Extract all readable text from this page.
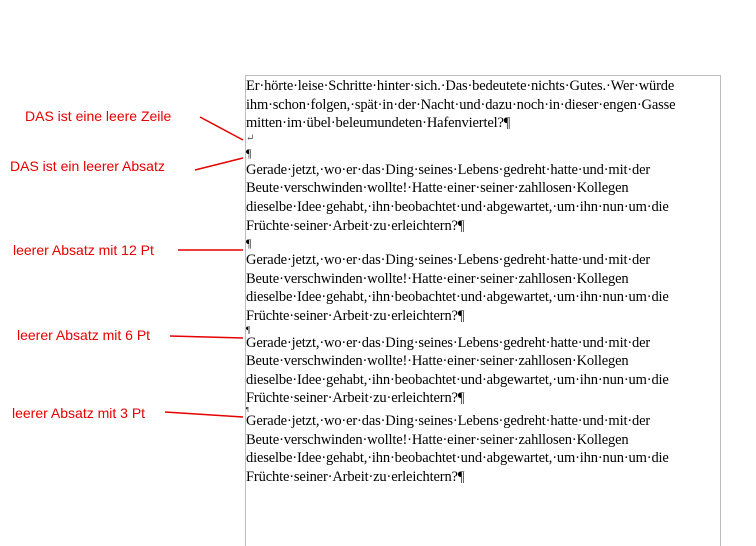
Er·hörte·leise·Schritte·hinter·sich.·Das·bedeutete·nichts·Gutes.·Wer·würde
ihm·schon·folgen,·spät·in·der·Nacht·und·dazu·noch·in·dieser·engen·Gasse
mitten·im·übel·beleumundeten·Hafenviertel?¶
↵
¶
Gerade·jetzt,·wo·er·das·Ding·seines·Lebens·gedreht·hatte·und·mit·der
Beute·verschwinden·wollte!·Hatte·einer·seiner·zahllosen·Kollegen
dieselbe·Idee·gehabt,·ihn·beobachtet·und·abgewartet,·um·ihn·nun·um·die
Früchte·seiner·Arbeit·zu·erleichtern?¶
¶
Gerade·jetzt,·wo·er·das·Ding·seines·Lebens·gedreht·hatte·und·mit·der
Beute·verschwinden·wollte!·Hatte·einer·seiner·zahllosen·Kollegen
dieselbe·Idee·gehabt,·ihn·beobachtet·und·abgewartet,·um·ihn·nun·um·die
Früchte·seiner·Arbeit·zu·erleichtern?¶
¶
Gerade·jetzt,·wo·er·das·Ding·seines·Lebens·gedreht·hatte·und·mit·der
Beute·verschwinden·wollte!·Hatte·einer·seiner·zahllosen·Kollegen
dieselbe·Idee·gehabt,·ihn·beobachtet·und·abgewartet,·um·ihn·nun·um·die
Früchte·seiner·Arbeit·zu·erleichtern?¶
¶
Gerade·jetzt,·wo·er·das·Ding·seines·Lebens·gedreht·hatte·und·mit·der
Beute·verschwinden·wollte!·Hatte·einer·seiner·zahllosen·Kollegen
dieselbe·Idee·gehabt,·ihn·beobachtet·und·abgewartet,·um·ihn·nun·um·die
Früchte·seiner·Arbeit·zu·erleichtern?¶
DAS ist eine leere Zeile
DAS ist ein leerer Absatz
leerer Absatz mit 12 Pt
leerer Absatz mit 6 Pt
leerer Absatz mit 3 Pt
